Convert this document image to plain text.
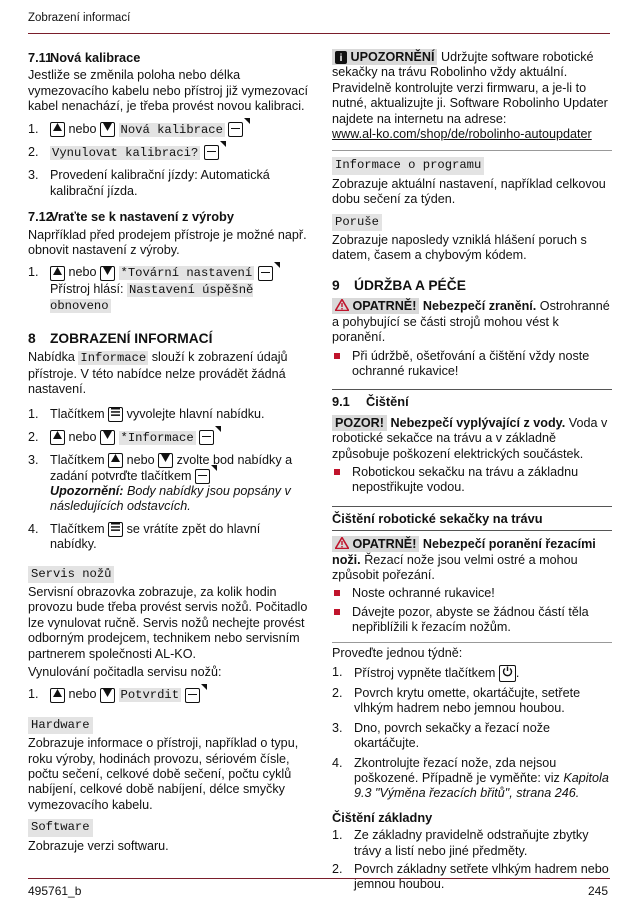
Zobrazení informací
7.11Nová kalibrace

Jestliže se změnila poloha nebo délka vymezovacího kabelu nebo přístroj již vymezovací kabel nenachází, je třeba provést novou kalibraci.

1.	nebo Nová kalibrace
2.	Vynulovat kalibraci?
3. Provedení kalibrační jízdy: Automatická kalibrační jízda.
7.12Vraťte se k nastavení z výroby

Naprříklad před prodejem přístroje je možné např. obnovit nastavení z výroby.

1.	nebo *Tovární nastavení

Přístroj hlásí: Nastavení úspěšně obnoveno
8 ZOBRAZENÍ INFORMACÍ

Nabídka Informace slouží k zobrazení údajů přístroje. V této nabídce nelze provádět žádná nastavení.

1. Tlačítkem vyvolejte hlavní nabídku.
2.	nebo *Informace
3. Tlačítkem nebo zvolte bod nabídky a zadání potvrďte tlačítkem

Upozornění: Body nabídky jsou popsány v následujících odstavcích.
4. Tlačítkem se vrátíte zpět do hlavní nabídky.
Servis nožů

Servisní obrazovka zobrazuje, za kolik hodin provozu bude třeba provést servis nožů. Počitadlo lze vynulovat ručně. Servis nožů nechejte provést odborným prodejcem, technikem nebo servisním partnerem společnosti AL-KO.

Vynulování počitadla servisu nožů:

1.	nebo Potvrdit
Hardware

Zobrazuje informace o přístroji, například o typu, roku výroby, hodinách provozu, sériovém čísle, počtu sečení, celkové době sečení, počtu cyklů nabíjení, celkové době nabíjení, délce smyčky vymezovacího kabelu.

Software

Zobrazuje verzi softwaru.

i UPOZORNĚNÍ Udržujte software robotické sekačky na trávu Robolinho vždy aktuální. Pravidelně kontrolujte verzi firmwaru, a je-li to nutné, aktualizujte ji. Software Robolinho Updater najdete na internetu na adrese:
www.al-ko.com/shop/de/robolinho-autoupdater

Informace o programu

Zobrazuje aktuální nastavení, například celkovou dobu sečení za týden.

Poruše

Zobrazuje naposledy vzniklá hlášení poruch s datem, časem a chybovým kódem.

9 ÚDRŽBA A PÉČE

OPATRNĚ! Nebezpečí zranění. Ostrohranné a pohybující se části strojů mohou vést k poranění.

Při údržbě, ošetřování a čištění vždy noste ochranné rukavice!
9.1 Čištění

POZOR! Nebezpečí vyplývající z vody. Voda v robotické sekačce na trávu a v základně způsobuje poškození elektrických součástek.

Robotickou sekačku na trávu a základnu nepostřikujte vodou.
Čištění robotické sekačky na trávu

OPATRNĚ! Nebezpečí poranění řezacími noži. Řezací nože jsou velmi ostré a mohou způsobit pořezání.

Noste ochranné rukavice!
Dávejte pozor, abyste se žádnou částí těla nepřiblížili k řezacím nožům.

Proveďte jednou týdně:

1. Přístroj vypněte tlačítkem .
2. Povrch krytu omette, okartáčujte, setřete vlhkým hadrem nebo jemnou houbou.
3. Dno, povrch sekačky a řezací nože okartáčujte.
4. Zkontrolujte řezací nože, zda nejsou poškozené. Případně je vyměňte: viz Kapitola 9.3 "Výměna řezacích břitů", strana 246.
Čištění základny
1. Ze základny pravidelně odstraňujte zbytky trávy a listí nebo jiné předměty.
2. Povrch základny setřete vlhkým hadrem nebo jemnou houbou.
495761_b	245
